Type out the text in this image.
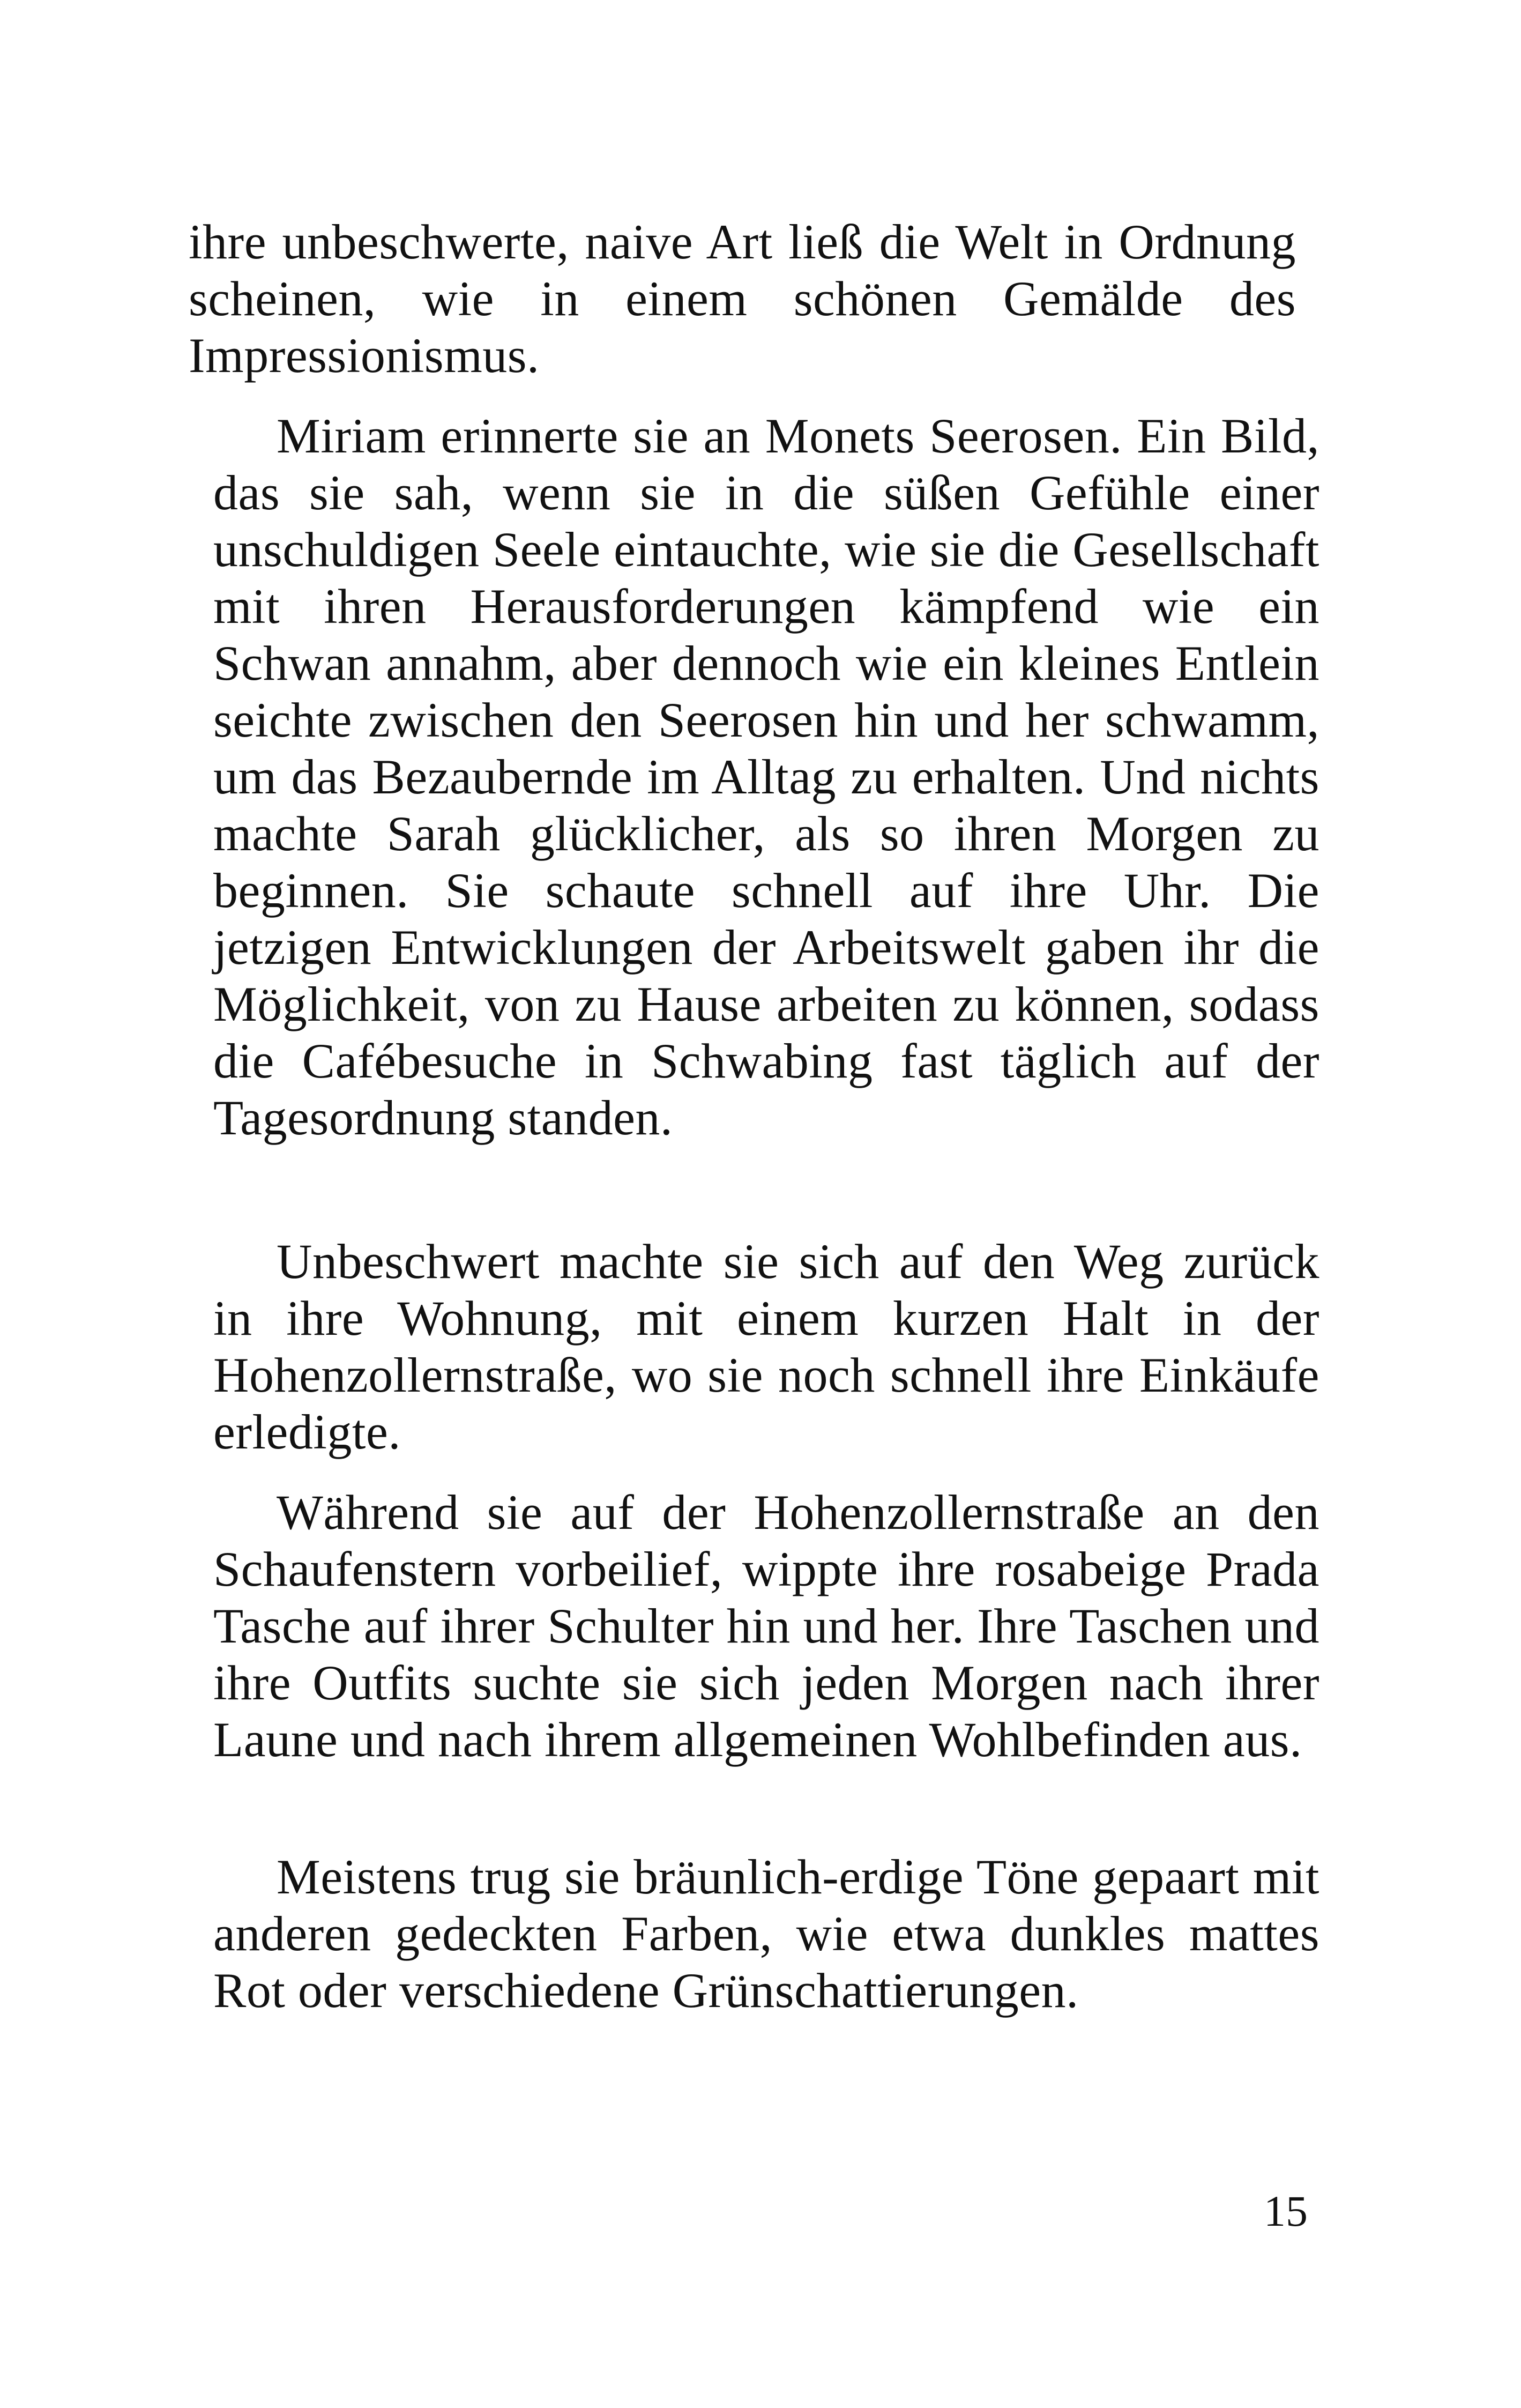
ihre unbeschwerte, naive Art ließ die Welt in Ordnung scheinen, wie in einem schönen Gemälde des Impressionismus.

Miriam erinnerte sie an Monets Seerosen. Ein Bild, das sie sah, wenn sie in die süßen Gefühle einer unschuldigen Seele eintauchte, wie sie die Gesellschaft mit ihren Herausforderungen kämpfend wie ein Schwan annahm, aber dennoch wie ein kleines Entlein seichte zwischen den Seerosen hin und her schwamm, um das Bezaubernde im Alltag zu erhalten. Und nichts machte Sarah glücklicher, als so ihren Morgen zu beginnen. Sie schaute schnell auf ihre Uhr. Die jetzigen Entwicklungen der Arbeitswelt gaben ihr die Möglichkeit, von zu Hause arbeiten zu können, sodass die Cafébesuche in Schwabing fast täglich auf der Tagesordnung standen.

Unbeschwert machte sie sich auf den Weg zurück in ihre Wohnung, mit einem kurzen Halt in der Hohenzollernstraße, wo sie noch schnell ihre Einkäufe erledigte.

Während sie auf der Hohenzollernstraße an den Schaufenstern vorbeilief, wippte ihre rosabeige Prada Tasche auf ihrer Schulter hin und her. Ihre Taschen und ihre Outfits suchte sie sich jeden Morgen nach ihrer Laune und nach ihrem allgemeinen Wohlbefinden aus.

Meistens trug sie bräunlich-erdige Töne gepaart mit anderen gedeckten Farben, wie etwa dunkles mattes Rot oder verschiedene Grünschattierungen.

15
